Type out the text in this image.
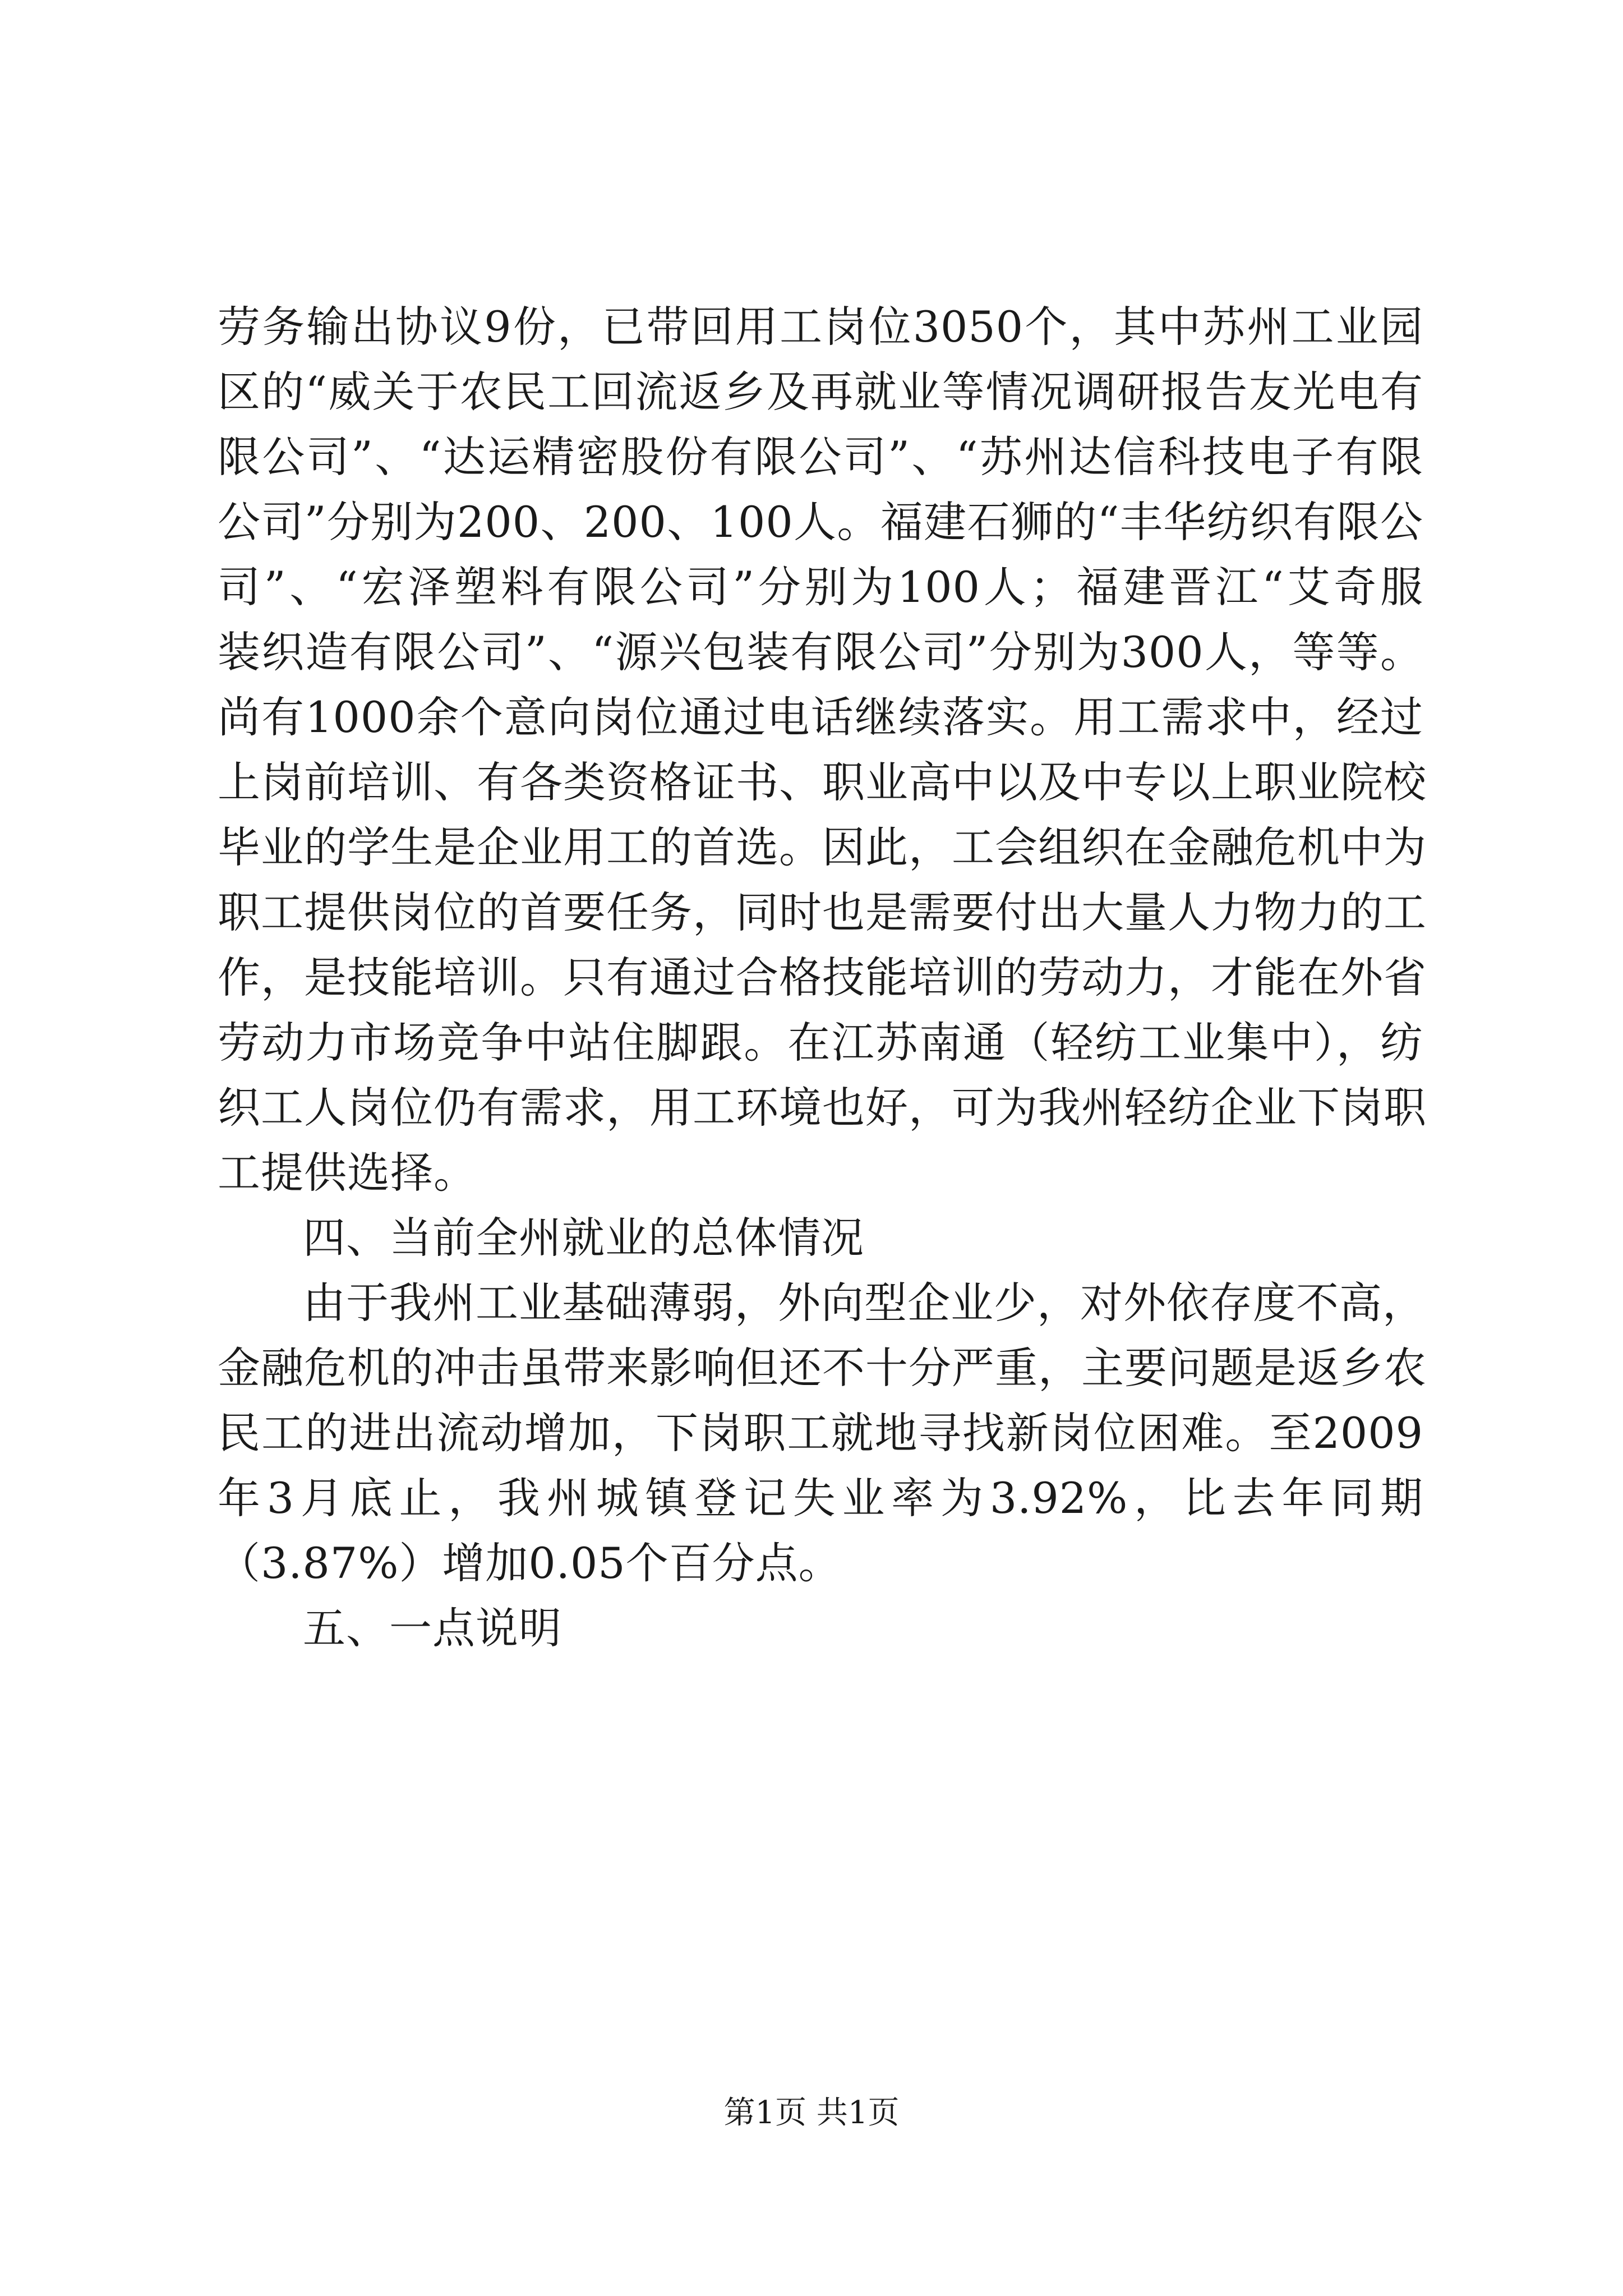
劳务输出协议9份，已带回用工岗位3050个，其中苏州工业园
区的“威关于农民工回流返乡及再就业等情况调研报告友光电有
限公司”、“达运精密股份有限公司”、“苏州达信科技电子有限
公司”分别为200、200、100人。福建石狮的“丰华纺织有限公
司”、“宏泽塑料有限公司”分别为100人；福建晋江“艾奇服
装织造有限公司”、“源兴包装有限公司”分别为300人，等等。
尚有1000余个意向岗位通过电话继续落实。用工需求中，经过
上岗前培训、有各类资格证书、职业高中以及中专以上职业院校
毕业的学生是企业用工的首选。因此，工会组织在金融危机中为
职工提供岗位的首要任务，同时也是需要付出大量人力物力的工
作，是技能培训。只有通过合格技能培训的劳动力，才能在外省
劳动力市场竞争中站住脚跟。在江苏南通（轻纺工业集中），纺
织工人岗位仍有需求，用工环境也好，可为我州轻纺企业下岗职
工提供选择。
四、当前全州就业的总体情况
由于我州工业基础薄弱，外向型企业少，对外依存度不高，
金融危机的冲击虽带来影响但还不十分严重，主要问题是返乡农
民工的进出流动增加，下岗职工就地寻找新岗位困难。至2009
年3月底止，我州城镇登记失业率为3.92%，比去年同期
（3.87%）增加0.05个百分点。
五、一点说明
第1页 共1页
